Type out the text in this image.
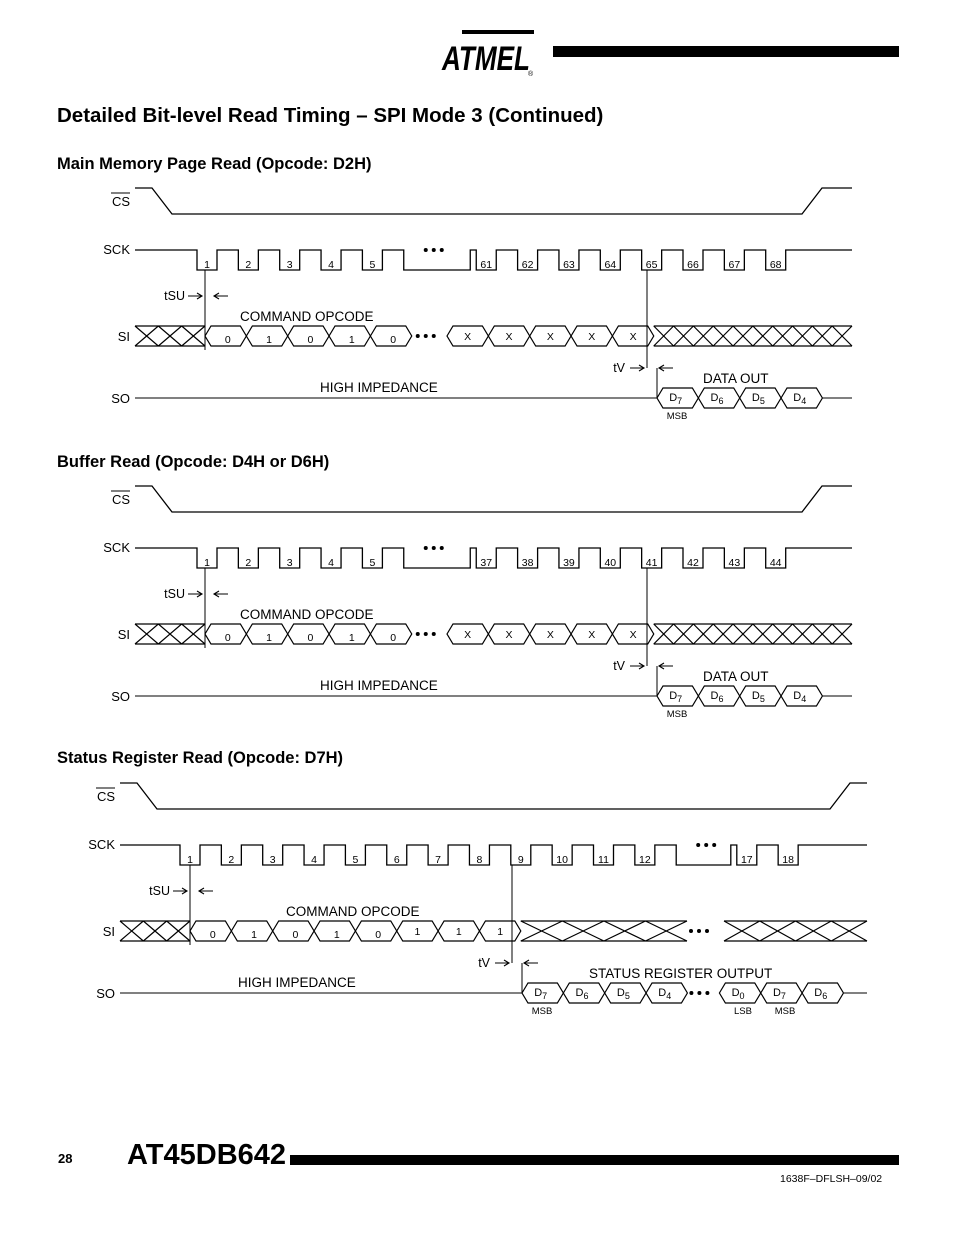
ATMEL
®
Detailed Bit-level Read Timing – SPI Mode 3 (Continued)
Main Memory Page Read (Opcode: D2H)
CS
SCK
SI
SO
1	2	3	4	5	61	62	63	64	65	66	67	68
tSU
tV
0	1	0	1	0	X	X	X	X	X
COMMAND OPCODE
HIGH IMPEDANCE
DATA OUT
$D_7$	$D_6$	$D_5$	$D_4$
MSB
Buffer Read (Opcode: D4H or D6H)
CS
SCK
SI
SO
1	2	3	4	5	37	38	39	40	41	42	43	44
tSU
tV
0	1	0	1	0	X	X	X	X	X
COMMAND OPCODE
HIGH IMPEDANCE
DATA OUT
$D_7$	$D_6$	$D_5$	$D_4$
MSB
Status Register Read (Opcode: D7H)
CS
SCK
SI
SO
1	2	3	4	5	6	7	8	9	10	11	12	17	18
tSU
tV
0	1	0	1	0	1	1	1
COMMAND OPCODE
HIGH IMPEDANCE
STATUS REGISTER OUTPUT
$D_7$	$D_6$	$D_5$	$D_4$	$D_0$	$D_7$	$D_6$
MSB	LSB MSB
28 AT45DB642
1638F–DFLSH–09/02
